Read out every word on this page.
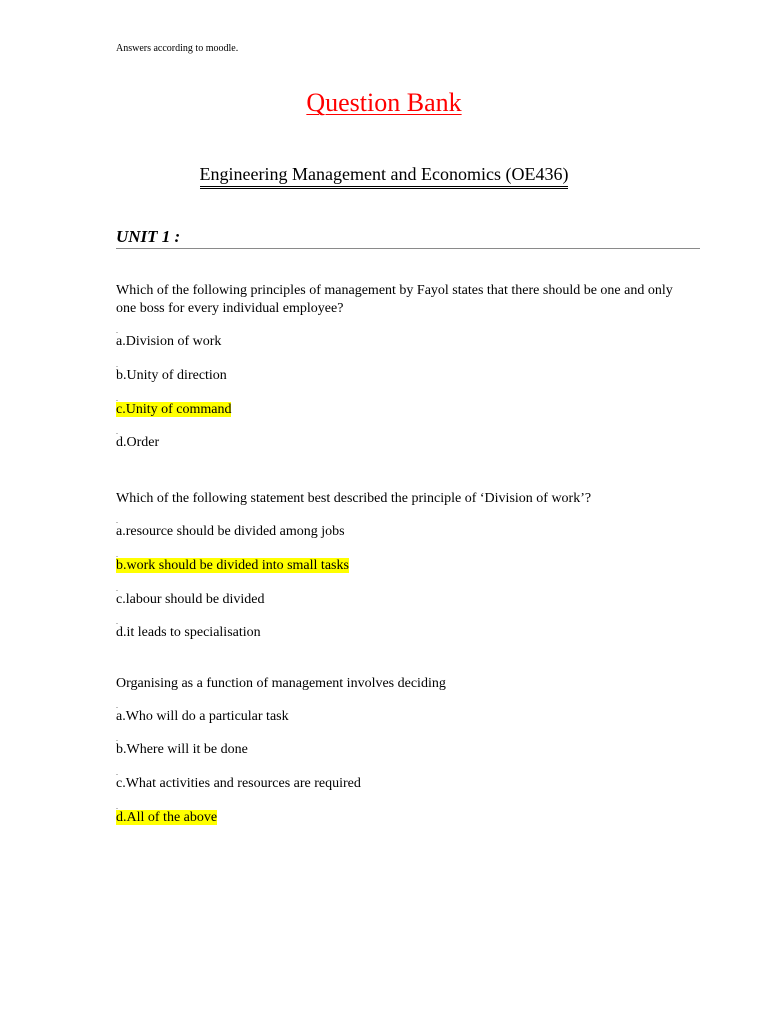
Answers according to moodle.
Question Bank
Engineering Management and Economics (OE436)
UNIT 1 :
Which of the following principles of management by Fayol states that there should be one and only one boss for every individual employee?
.
a.Division of work
.
b.Unity of direction
.
c.Unity of command
.
d.Order
Which of the following statement best described the principle of ‘Division of work’?
.
a.resource should be divided among jobs
.
b.work should be divided into small tasks
.
c.labour should be divided
.
d.it leads to specialisation
Organising as a function of management involves deciding
.
a.Who will do a particular task
.
b.Where will it be done
.
c.What activities and resources are required
.
d.All of the above
